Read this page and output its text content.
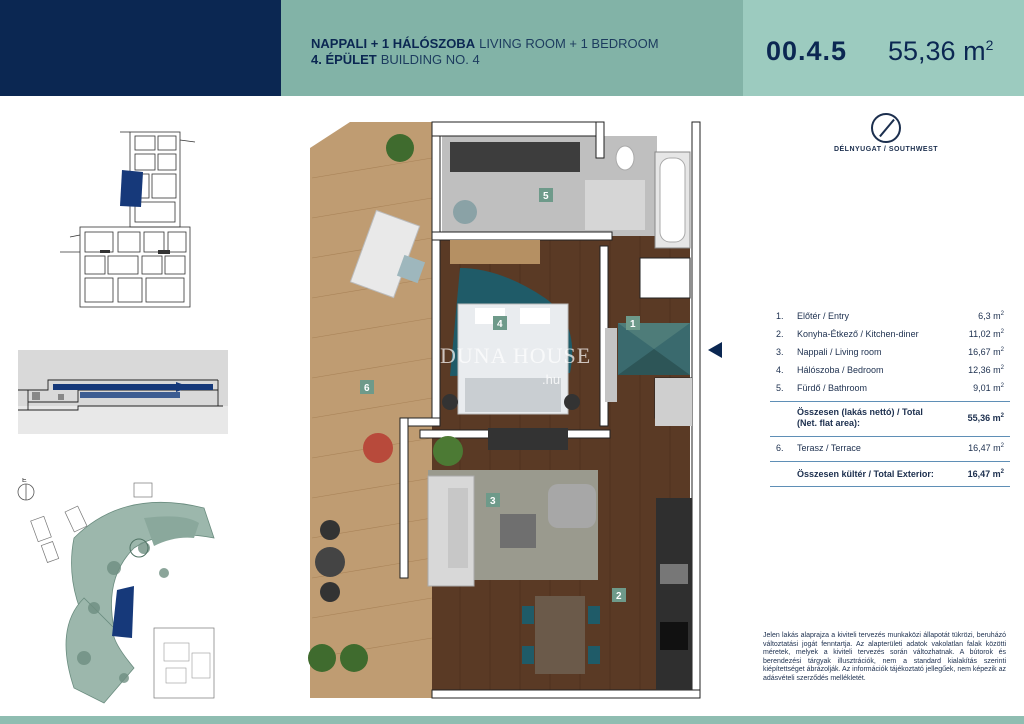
NAPPALI + 1 HÁLÓSZOBA LIVING ROOM + 1 BEDROOM
4. ÉPÜLET BUILDING NO. 4	00.4.5 55,36 $m^2$
É
DUNA HOUSE
.hu
1
2
3
4
5
6
DÉLNYUGAT / SOUTHWEST
1. Előtér / Entry	6,3 $m^2$
2. Konyha-Étkező / Kitchen-diner	11,02 $m^2$
3. Nappali / Living room	16,67 $m^2$
4. Hálószoba / Bedroom	12,36 $m^2$
5. Fürdő / Bathroom	9,01 $m^2$
Összesen (lakás nettó) / Total (Net. flat area):	55,36 $m^2$
6. Terasz / Terrace	16,47 $m^2$
Összesen kültér / Total Exterior:	16,47 $m^2$
Jelen lakás alaprajza a kiviteli tervezés munkaközi állapotát tükrözi, beruházó változtatási jogát fenntartja. Az alapterületi adatok vakolatlan falak közötti méretek, melyek a kiviteli tervezés során változhatnak. A bútorok és berendezési tárgyak illusztrációk, nem a standard kialakítás szerinti kiépítettséget ábrázolják. Az információk tájékoztató jellegűek, nem képezik az adásvételi szerződés mellékletét.
